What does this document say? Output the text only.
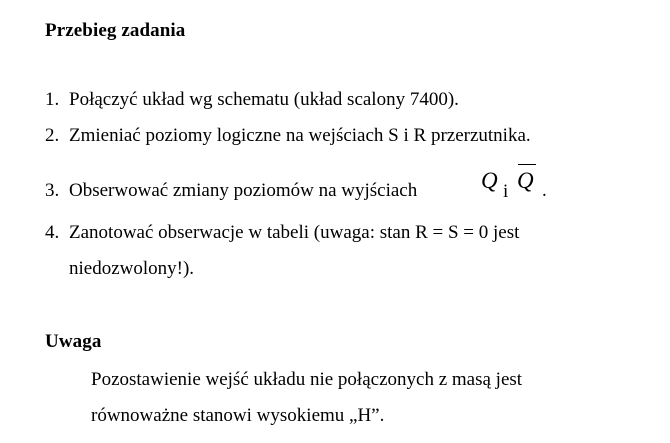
Przebieg zadania
1. Połączyć układ wg schematu (układ scalony 7400).
2. Zmieniać poziomy logiczne na wejściach S i R przerzutnika.
3. Obserwować zmiany poziomów na wyjściach	Q i Q .
4. Zanotować obserwacje w tabeli (uwaga: stan R = S = 0 jest
niedozwolony!).
Uwaga
Pozostawienie wejść układu nie połączonych z masą jest
równoważne stanowi wysokiemu „H”.
